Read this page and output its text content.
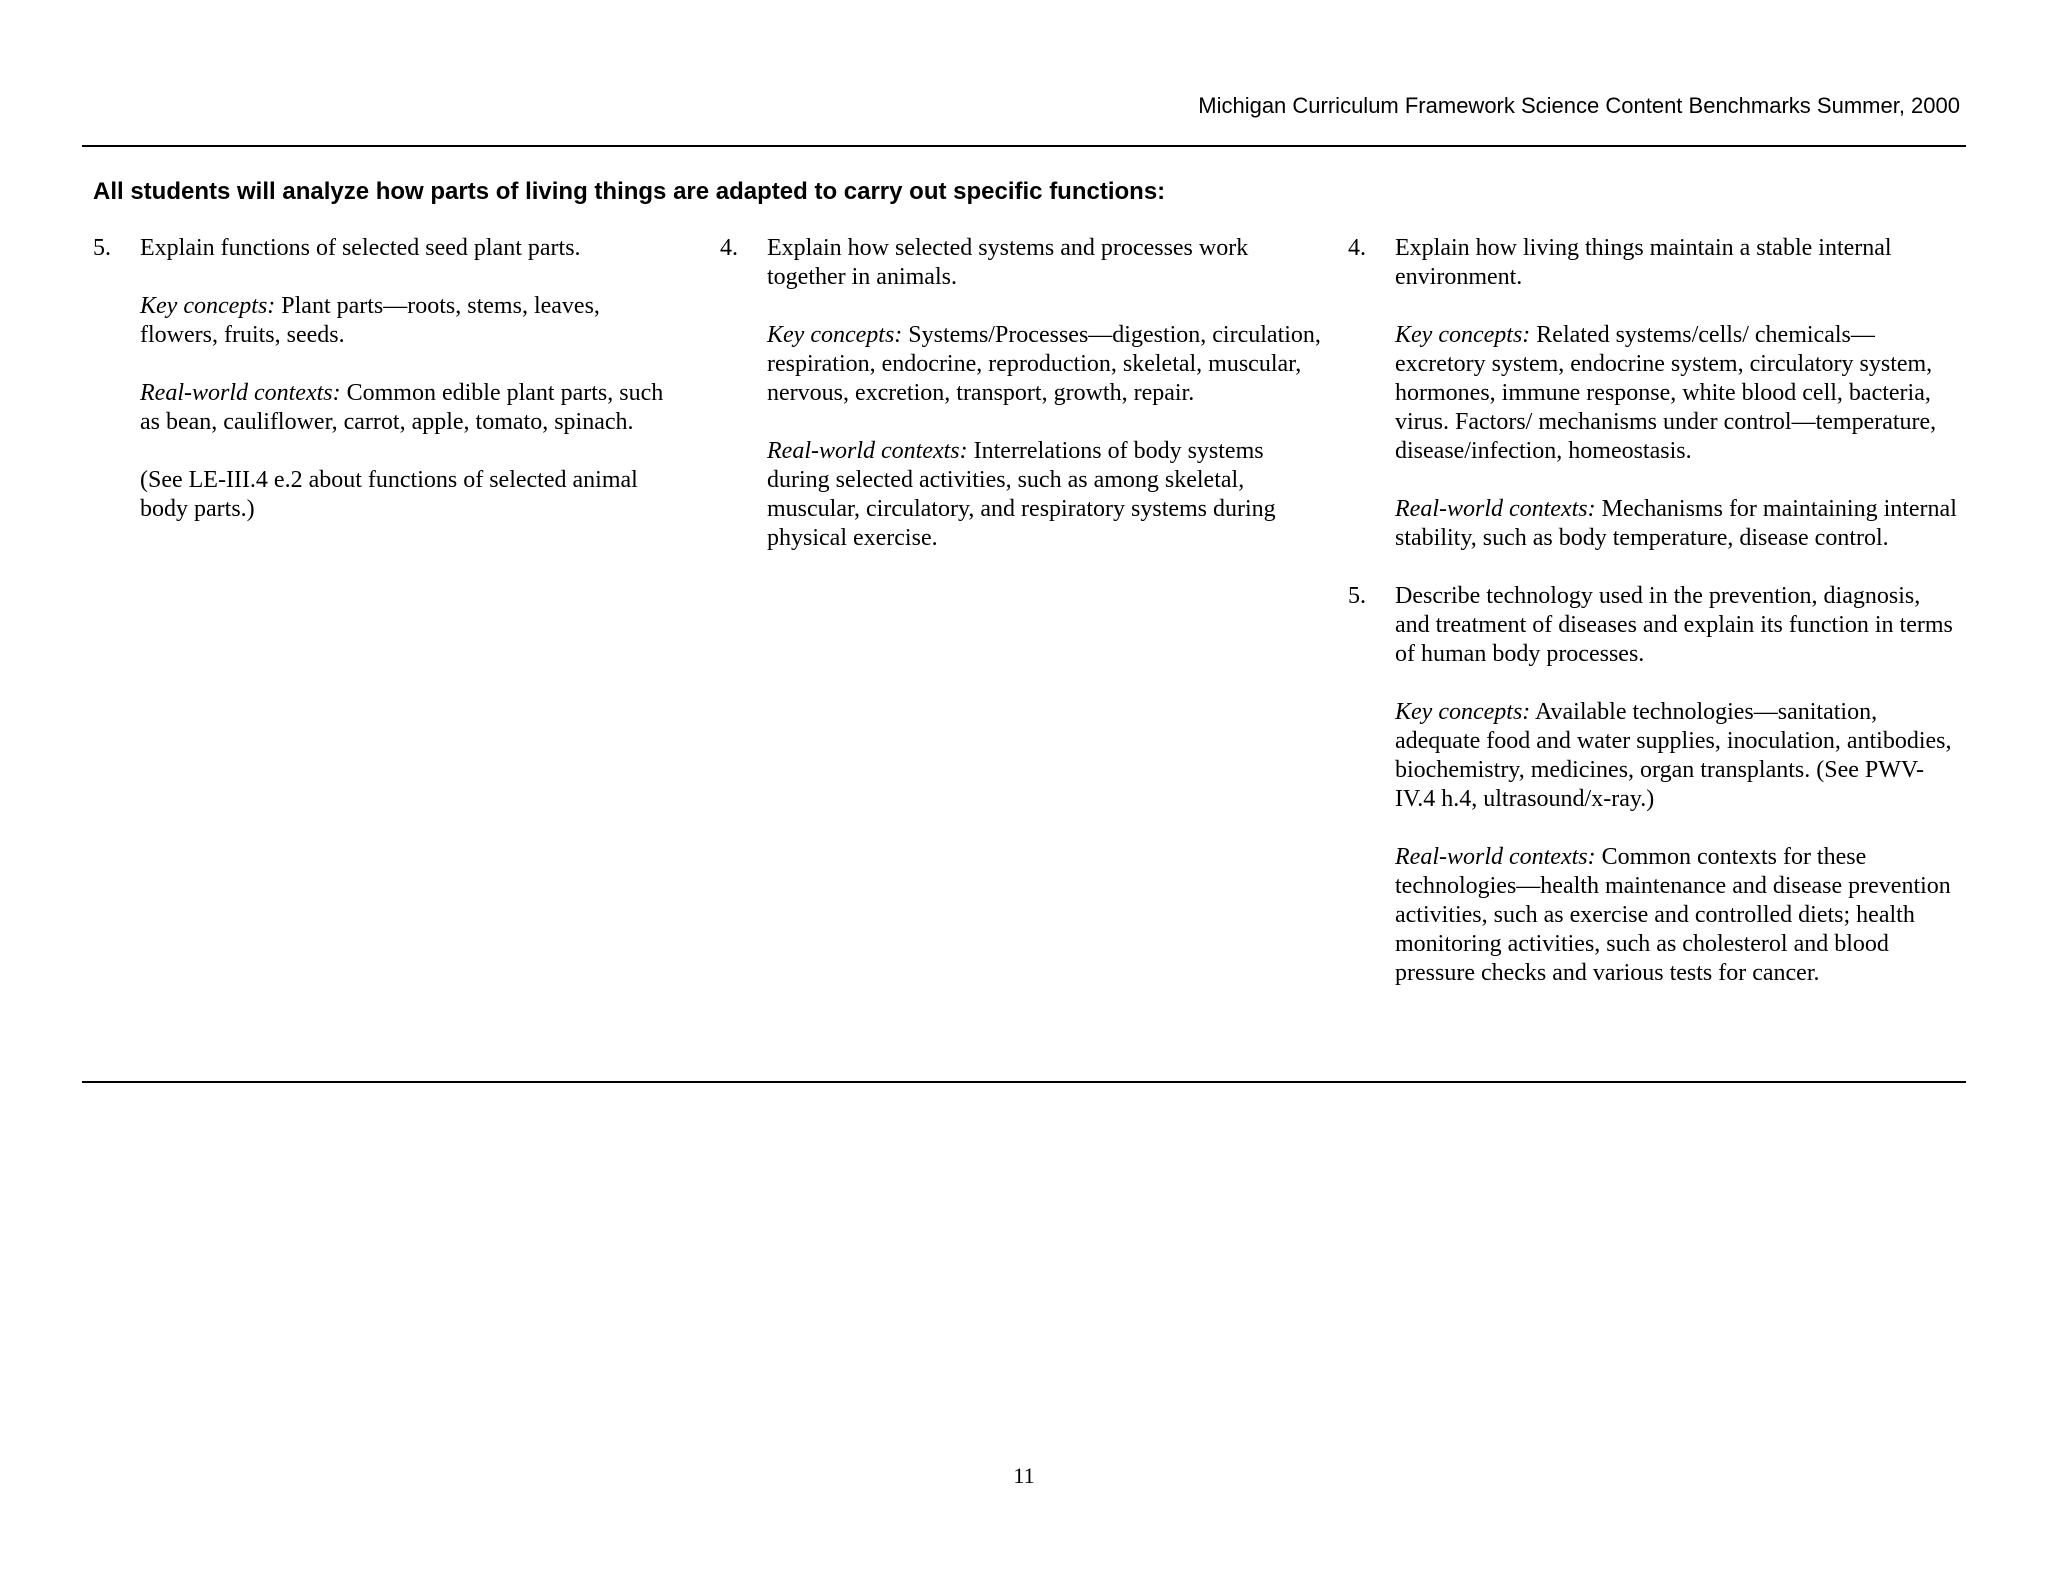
Michigan Curriculum Framework Science Content Benchmarks Summer, 2000
All students will analyze how parts of living things are adapted to carry out specific functions:
5. Explain functions of selected seed plant parts.

Key concepts: Plant parts—roots, stems, leaves, flowers, fruits, seeds.

Real-world contexts: Common edible plant parts, such as bean, cauliflower, carrot, apple, tomato, spinach.

(See LE-III.4 e.2 about functions of selected animal body parts.)

4. Explain how selected systems and processes work together in animals.

Key concepts: Systems/Processes—digestion, circulation, respiration, endocrine, reproduction, skeletal, muscular, nervous, excretion, transport, growth, repair.

Real-world contexts: Interrelations of body systems during selected activities, such as among skeletal, muscular, circulatory, and respiratory systems during physical exercise.

4. Explain how living things maintain a stable internal environment.

Key concepts: Related systems/cells/ chemicals—excretory system, endocrine system, circulatory system, hormones, immune response, white blood cell, bacteria, virus. Factors/ mechanisms under control—temperature, disease/infection, homeostasis.

Real-world contexts: Mechanisms for maintaining internal stability, such as body temperature, disease control.

5. Describe technology used in the prevention, diagnosis, and treatment of diseases and explain its function in terms of human body processes.

Key concepts: Available technologies—sanitation, adequate food and water supplies, inoculation, antibodies, biochemistry, medicines, organ transplants. (See PWV-IV.4 h.4, ultrasound/x-ray.)

Real-world contexts: Common contexts for these technologies—health maintenance and disease prevention activities, such as exercise and controlled diets; health monitoring activities, such as cholesterol and blood pressure checks and various tests for cancer.

11
